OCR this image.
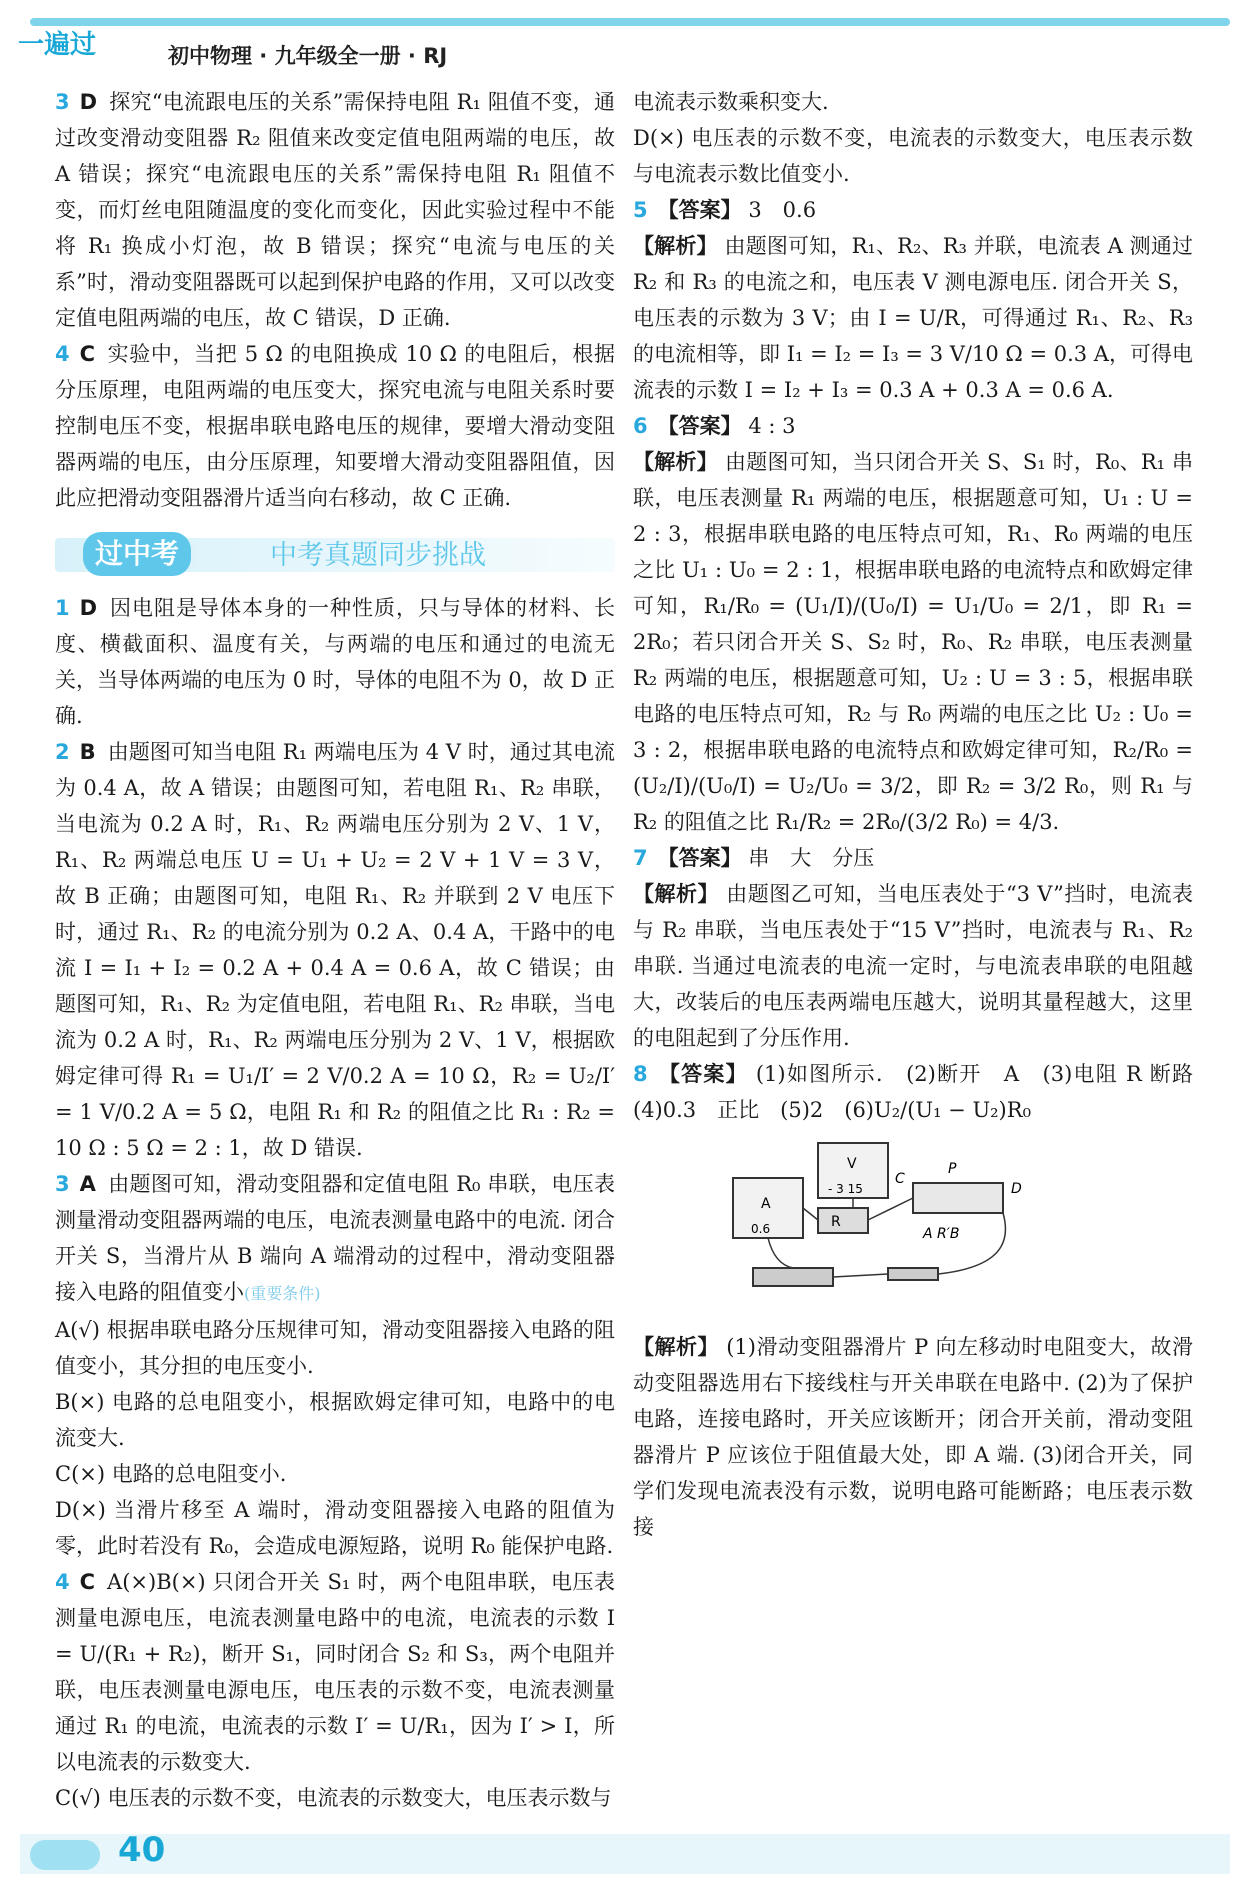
一遍过	初中物理 · 九年级全一册 · RJ

3 D 探究“电流跟电压的关系”需保持电阻 R₁ 阻值不变，通过改变滑动变阻器 R₂ 阻值来改变定值电阻两端的电压，故 A 错误；探究“电流跟电压的关系”需保持电阻 R₁ 阻值不变，而灯丝电阻随温度的变化而变化，因此实验过程中不能将 R₁ 换成小灯泡，故 B 错误；探究“电流与电压的关系”时，滑动变阻器既可以起到保护电路的作用，又可以改变定值电阻两端的电压，故 C 错误，D 正确.

4 C 实验中，当把 5 Ω 的电阻换成 10 Ω 的电阻后，根据分压原理，电阻两端的电压变大，探究电流与电阻关系时要控制电压不变，根据串联电路电压的规律，要增大滑动变阻器两端的电压，由分压原理，知要增大滑动变阻器阻值，因此应把滑动变阻器滑片适当向右移动，故 C 正确.

过中考	中考真题同步挑战

1 D 因电阻是导体本身的一种性质，只与导体的材料、长度、横截面积、温度有关，与两端的电压和通过的电流无关，当导体两端的电压为 0 时，导体的电阻不为 0，故 D 正确.

2 B 由题图可知当电阻 R₁ 两端电压为 4 V 时，通过其电流为 0.4 A，故 A 错误；由题图可知，若电阻 R₁、R₂ 串联，当电流为 0.2 A 时，R₁、R₂ 两端电压分别为 2 V、1 V，R₁、R₂ 两端总电压 U = U₁ + U₂ = 2 V + 1 V = 3 V，故 B 正确；由题图可知，电阻 R₁、R₂ 并联到 2 V 电压下时，通过 R₁、R₂ 的电流分别为 0.2 A、0.4 A，干路中的电流 I = I₁ + I₂ = 0.2 A + 0.4 A = 0.6 A，故 C 错误；由题图可知，R₁、R₂ 为定值电阻，若电阻 R₁、R₂ 串联，当电流为 0.2 A 时，R₁、R₂ 两端电压分别为 2 V、1 V，根据欧姆定律可得 R₁ = U₁/I′ = 2 V/0.2 A = 10 Ω，R₂ = U₂/I′ = 1 V/0.2 A = 5 Ω，电阻 R₁ 和 R₂ 的阻值之比 R₁ : R₂ = 10 Ω : 5 Ω = 2 : 1，故 D 错误.

3 A 由题图可知，滑动变阻器和定值电阻 R₀ 串联，电压表测量滑动变阻器两端的电压，电流表测量电路中的电流. 闭合开关 S，当滑片从 B 端向 A 端滑动的过程中，滑动变阻器接入电路的阻值变小(重要条件)

A(√) 根据串联电路分压规律可知，滑动变阻器接入电路的阻值变小，其分担的电压变小.

B(×) 电路的总电阻变小，根据欧姆定律可知，电路中的电流变大.

C(×) 电路的总电阻变小.

D(×) 当滑片移至 A 端时，滑动变阻器接入电路的阻值为零，此时若没有 R₀，会造成电源短路，说明 R₀ 能保护电路.

4 C A(×)B(×) 只闭合开关 S₁ 时，两个电阻串联，电压表测量电源电压，电流表测量电路中的电流，电流表的示数 I = U/(R₁ + R₂)，断开 S₁，同时闭合 S₂ 和 S₃，两个电阻并联，电压表测量电源电压，电压表的示数不变，电流表测量通过 R₁ 的电流，电流表的示数 I′ = U/R₁，因为 I′ > I，所以电流表的示数变大.

C(√) 电压表的示数不变，电流表的示数变大，电压表示数与

电流表示数乘积变大.

D(×) 电压表的示数不变，电流表的示数变大，电压表示数与电流表示数比值变小.

5 【答案】 3　0.6

【解析】 由题图可知，R₁、R₂、R₃ 并联，电流表 A 测通过 R₂ 和 R₃ 的电流之和，电压表 V 测电源电压. 闭合开关 S，电压表的示数为 3 V；由 I = U/R，可得通过 R₁、R₂、R₃ 的电流相等，即 I₁ = I₂ = I₃ = 3 V/10 Ω = 0.3 A，可得电流表的示数 I = I₂ + I₃ = 0.3 A + 0.3 A = 0.6 A.

6 【答案】 4 : 3

【解析】 由题图可知，当只闭合开关 S、S₁ 时，R₀、R₁ 串联，电压表测量 R₁ 两端的电压，根据题意可知，U₁ : U = 2 : 3，根据串联电路的电压特点可知，R₁、R₀ 两端的电压之比 U₁ : U₀ = 2 : 1，根据串联电路的电流特点和欧姆定律可知，R₁/R₀ = (U₁/I)/(U₀/I) = U₁/U₀ = 2/1，即 R₁ = 2R₀；若只闭合开关 S、S₂ 时，R₀、R₂ 串联，电压表测量 R₂ 两端的电压，根据题意可知，U₂ : U = 3 : 5，根据串联电路的电压特点可知，R₂ 与 R₀ 两端的电压之比 U₂ : U₀ = 3 : 2，根据串联电路的电流特点和欧姆定律可知，R₂/R₀ = (U₂/I)/(U₀/I) = U₂/U₀ = 3/2，即 R₂ = 3/2 R₀，则 R₁ 与 R₂ 的阻值之比 R₁/R₂ = 2R₀/(3/2 R₀) = 4/3.

7 【答案】 串　大　分压

【解析】 由题图乙可知，当电压表处于“3 V”挡时，电流表与 R₂ 串联，当电压表处于“15 V”挡时，电流表与 R₁、R₂ 串联. 当通过电流表的电流一定时，与电流表串联的电阻越大，改装后的电压表两端电压越大，说明其量程越大，这里的电阻起到了分压作用.

8 【答案】 (1)如图所示.　(2)断开　A　(3)电阻 R 断路　(4)0.3　正比　(5)2　(6)U₂/(U₁ − U₂)R₀

A
0.6
V
- 3 15
R
C
P
D
A R′B

【解析】 (1)滑动变阻器滑片 P 向左移动时电阻变大，故滑动变阻器选用右下接线柱与开关串联在电路中. (2)为了保护电路，连接电路时，开关应该断开；闭合开关前，滑动变阻器滑片 P 应该位于阻值最大处，即 A 端. (3)闭合开关，同学们发现电流表没有示数，说明电路可能断路；电压表示数接

40
